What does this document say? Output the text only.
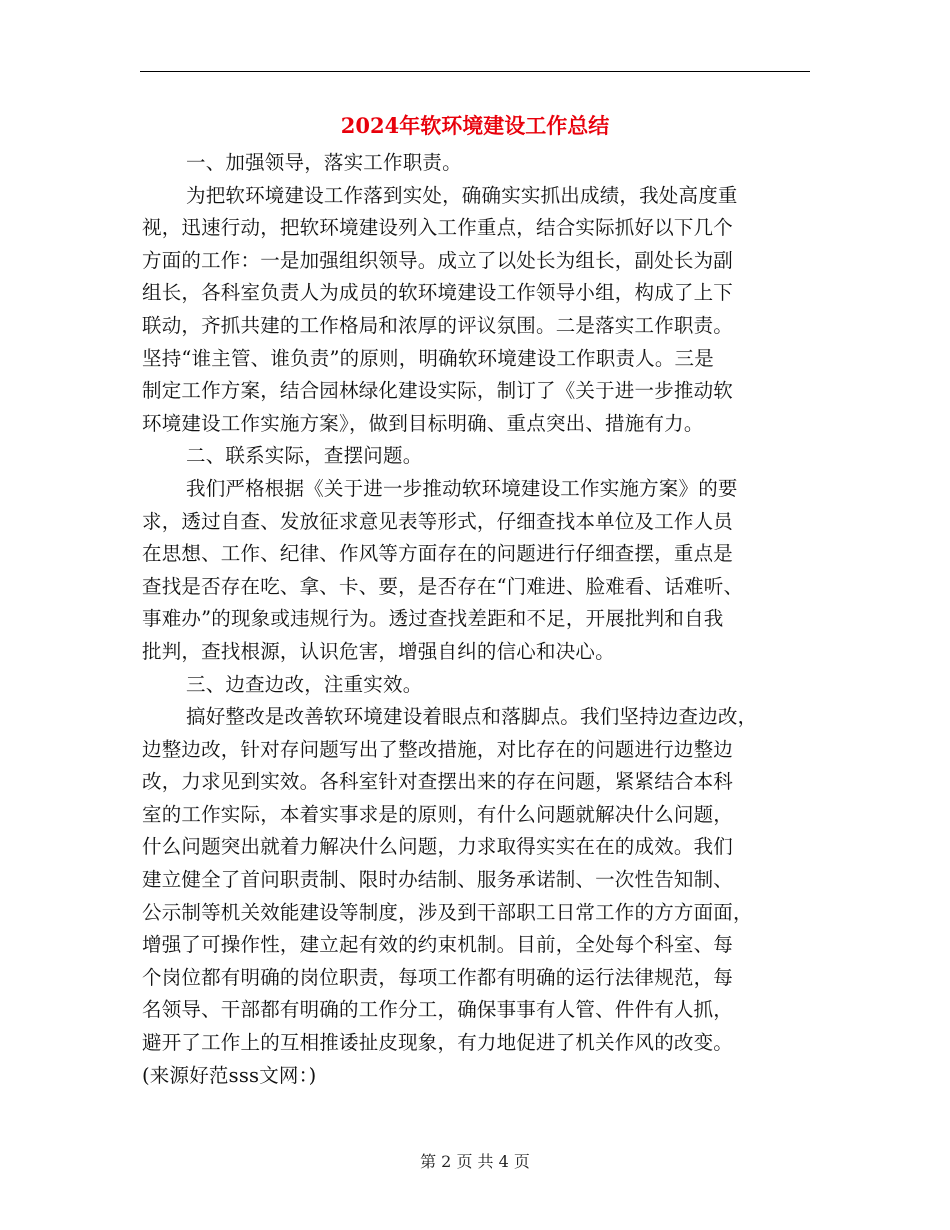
2024年软环境建设工作总结
一、加强领导，落实工作职责。
为把软环境建设工作落到实处，确确实实抓出成绩，我处高度重
视，迅速行动，把软环境建设列入工作重点，结合实际抓好以下几个
方面的工作：一是加强组织领导。成立了以处长为组长，副处长为副
组长，各科室负责人为成员的软环境建设工作领导小组，构成了上下
联动，齐抓共建的工作格局和浓厚的评议氛围。二是落实工作职责。
坚持“谁主管、谁负责”的原则，明确软环境建设工作职责人。三是
制定工作方案，结合园林绿化建设实际，制订了《关于进一步推动软
环境建设工作实施方案》，做到目标明确、重点突出、措施有力。
二、联系实际，查摆问题。
我们严格根据《关于进一步推动软环境建设工作实施方案》的要
求，透过自查、发放征求意见表等形式，仔细查找本单位及工作人员
在思想、工作、纪律、作风等方面存在的问题进行仔细查摆，重点是
查找是否存在吃、拿、卡、要，是否存在“门难进、脸难看、话难听、
事难办”的现象或违规行为。透过查找差距和不足，开展批判和自我
批判，查找根源，认识危害，增强自纠的信心和决心。
三、边查边改，注重实效。
搞好整改是改善软环境建设着眼点和落脚点。我们坚持边查边改，
边整边改，针对存问题写出了整改措施，对比存在的问题进行边整边
改，力求见到实效。各科室针对查摆出来的存在问题，紧紧结合本科
室的工作实际，本着实事求是的原则，有什么问题就解决什么问题，
什么问题突出就着力解决什么问题，力求取得实实在在的成效。我们
建立健全了首问职责制、限时办结制、服务承诺制、一次性告知制、
公示制等机关效能建设等制度，涉及到干部职工日常工作的方方面面，
增强了可操作性，建立起有效的约束机制。目前，全处每个科室、每
个岗位都有明确的岗位职责，每项工作都有明确的运行法律规范，每
名领导、干部都有明确的工作分工，确保事事有人管、件件有人抓，
避开了工作上的互相推诿扯皮现象，有力地促进了机关作风的改变。
(来源好范sss文网：)
第 2 页 共 4 页
